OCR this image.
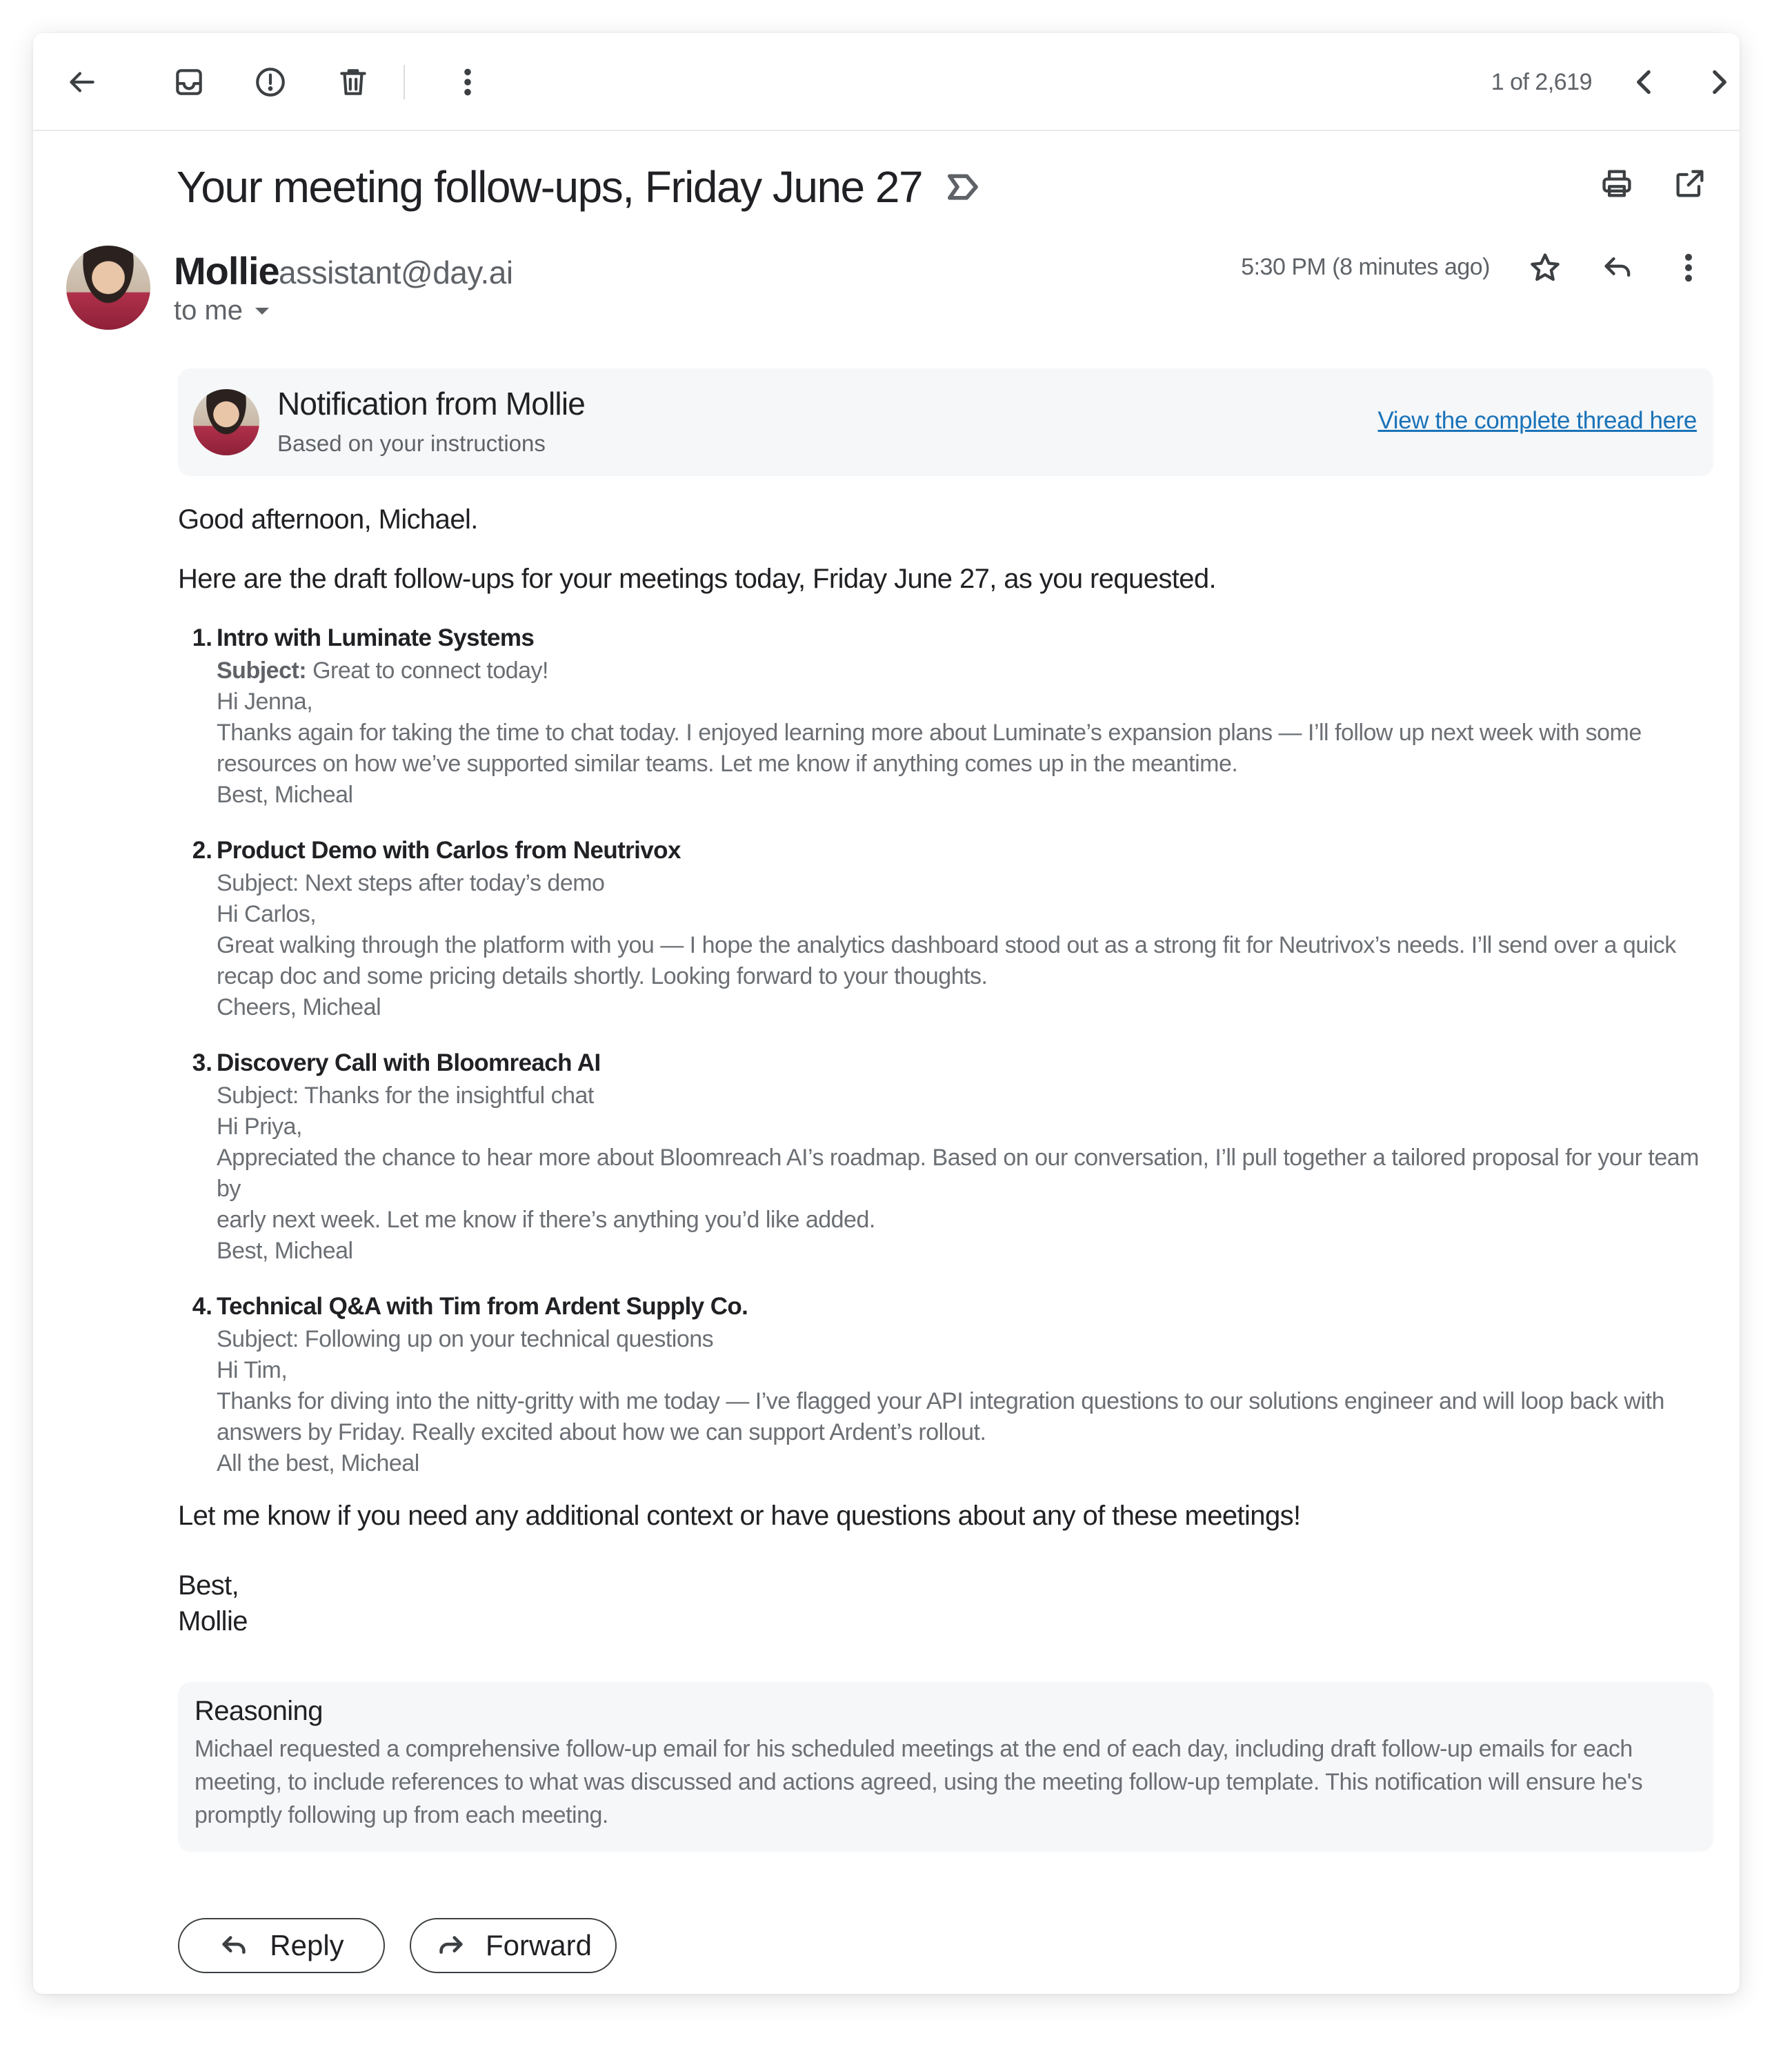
1 of 2,619
Your meeting follow-ups, Friday June 27
Mollie assistant@day.ai
to me
5:30 PM (8 minutes ago)
Notification from Mollie
Based on your instructions
View the complete thread here
Good afternoon, Michael.
Here are the draft follow-ups for your meetings today, Friday June 27, as you requested.
1. Intro with Luminate Systems
Subject: Great to connect today!
Hi Jenna,
Thanks again for taking the time to chat today. I enjoyed learning more about Luminate’s expansion plans — I’ll follow up next week with some
resources on how we’ve supported similar teams. Let me know if anything comes up in the meantime.
Best, Micheal
2. Product Demo with Carlos from Neutrivox
Subject: Next steps after today’s demo
Hi Carlos,
Great walking through the platform with you — I hope the analytics dashboard stood out as a strong fit for Neutrivox’s needs. I’ll send over a quick
recap doc and some pricing details shortly. Looking forward to your thoughts.
Cheers, Micheal
3. Discovery Call with Bloomreach AI
Subject: Thanks for the insightful chat
Hi Priya,
Appreciated the chance to hear more about Bloomreach AI’s roadmap. Based on our conversation, I’ll pull together a tailored proposal for your team by
early next week. Let me know if there’s anything you’d like added.
Best, Micheal
4. Technical Q&A with Tim from Ardent Supply Co.
Subject: Following up on your technical questions
Hi Tim,
Thanks for diving into the nitty-gritty with me today — I’ve flagged your API integration questions to our solutions engineer and will loop back with
answers by Friday. Really excited about how we can support Ardent’s rollout.
All the best, Micheal
Let me know if you need any additional context or have questions about any of these meetings!
Best,
Mollie
Reasoning
Michael requested a comprehensive follow-up email for his scheduled meetings at the end of each day, including draft follow-up emails for each
meeting, to include references to what was discussed and actions agreed, using the meeting follow-up template. This notification will ensure he's
promptly following up from each meeting.
Reply	Forward
